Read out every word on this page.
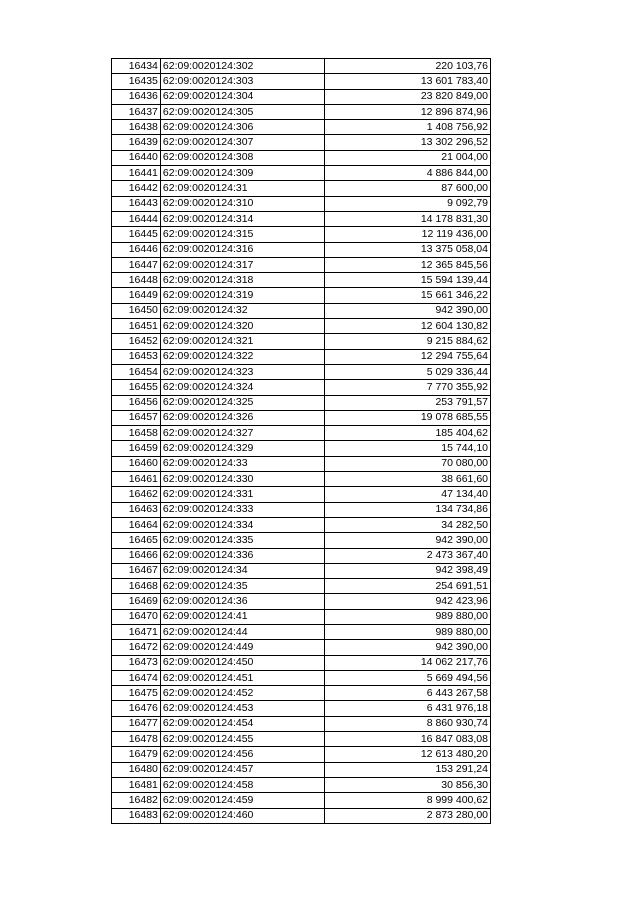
16434	62:09:0020124:302	220 103,76
16435	62:09:0020124:303	13 601 783,40
16436	62:09:0020124:304	23 820 849,00
16437	62:09:0020124:305	12 896 874,96
16438	62:09:0020124:306	1 408 756,92
16439	62:09:0020124:307	13 302 296,52
16440	62:09:0020124:308	21 004,00
16441	62:09:0020124:309	4 886 844,00
16442	62:09:0020124:31	87 600,00
16443	62:09:0020124:310	9 092,79
16444	62:09:0020124:314	14 178 831,30
16445	62:09:0020124:315	12 119 436,00
16446	62:09:0020124:316	13 375 058,04
16447	62:09:0020124:317	12 365 845,56
16448	62:09:0020124:318	15 594 139,44
16449	62:09:0020124:319	15 661 346,22
16450	62:09:0020124:32	942 390,00
16451	62:09:0020124:320	12 604 130,82
16452	62:09:0020124:321	9 215 884,62
16453	62:09:0020124:322	12 294 755,64
16454	62:09:0020124:323	5 029 336,44
16455	62:09:0020124:324	7 770 355,92
16456	62:09:0020124:325	253 791,57
16457	62:09:0020124:326	19 078 685,55
16458	62:09:0020124:327	185 404,62
16459	62:09:0020124:329	15 744,10
16460	62:09:0020124:33	70 080,00
16461	62:09:0020124:330	38 661,60
16462	62:09:0020124:331	47 134,40
16463	62:09:0020124:333	134 734,86
16464	62:09:0020124:334	34 282,50
16465	62:09:0020124:335	942 390,00
16466	62:09:0020124:336	2 473 367,40
16467	62:09:0020124:34	942 398,49
16468	62:09:0020124:35	254 691,51
16469	62:09:0020124:36	942 423,96
16470	62:09:0020124:41	989 880,00
16471	62:09:0020124:44	989 880,00
16472	62:09:0020124:449	942 390,00
16473	62:09:0020124:450	14 062 217,76
16474	62:09:0020124:451	5 669 494,56
16475	62:09:0020124:452	6 443 267,58
16476	62:09:0020124:453	6 431 976,18
16477	62:09:0020124:454	8 860 930,74
16478	62:09:0020124:455	16 847 083,08
16479	62:09:0020124:456	12 613 480,20
16480	62:09:0020124:457	153 291,24
16481	62:09:0020124:458	30 856,30
16482	62:09:0020124:459	8 999 400,62
16483	62:09:0020124:460	2 873 280,00
